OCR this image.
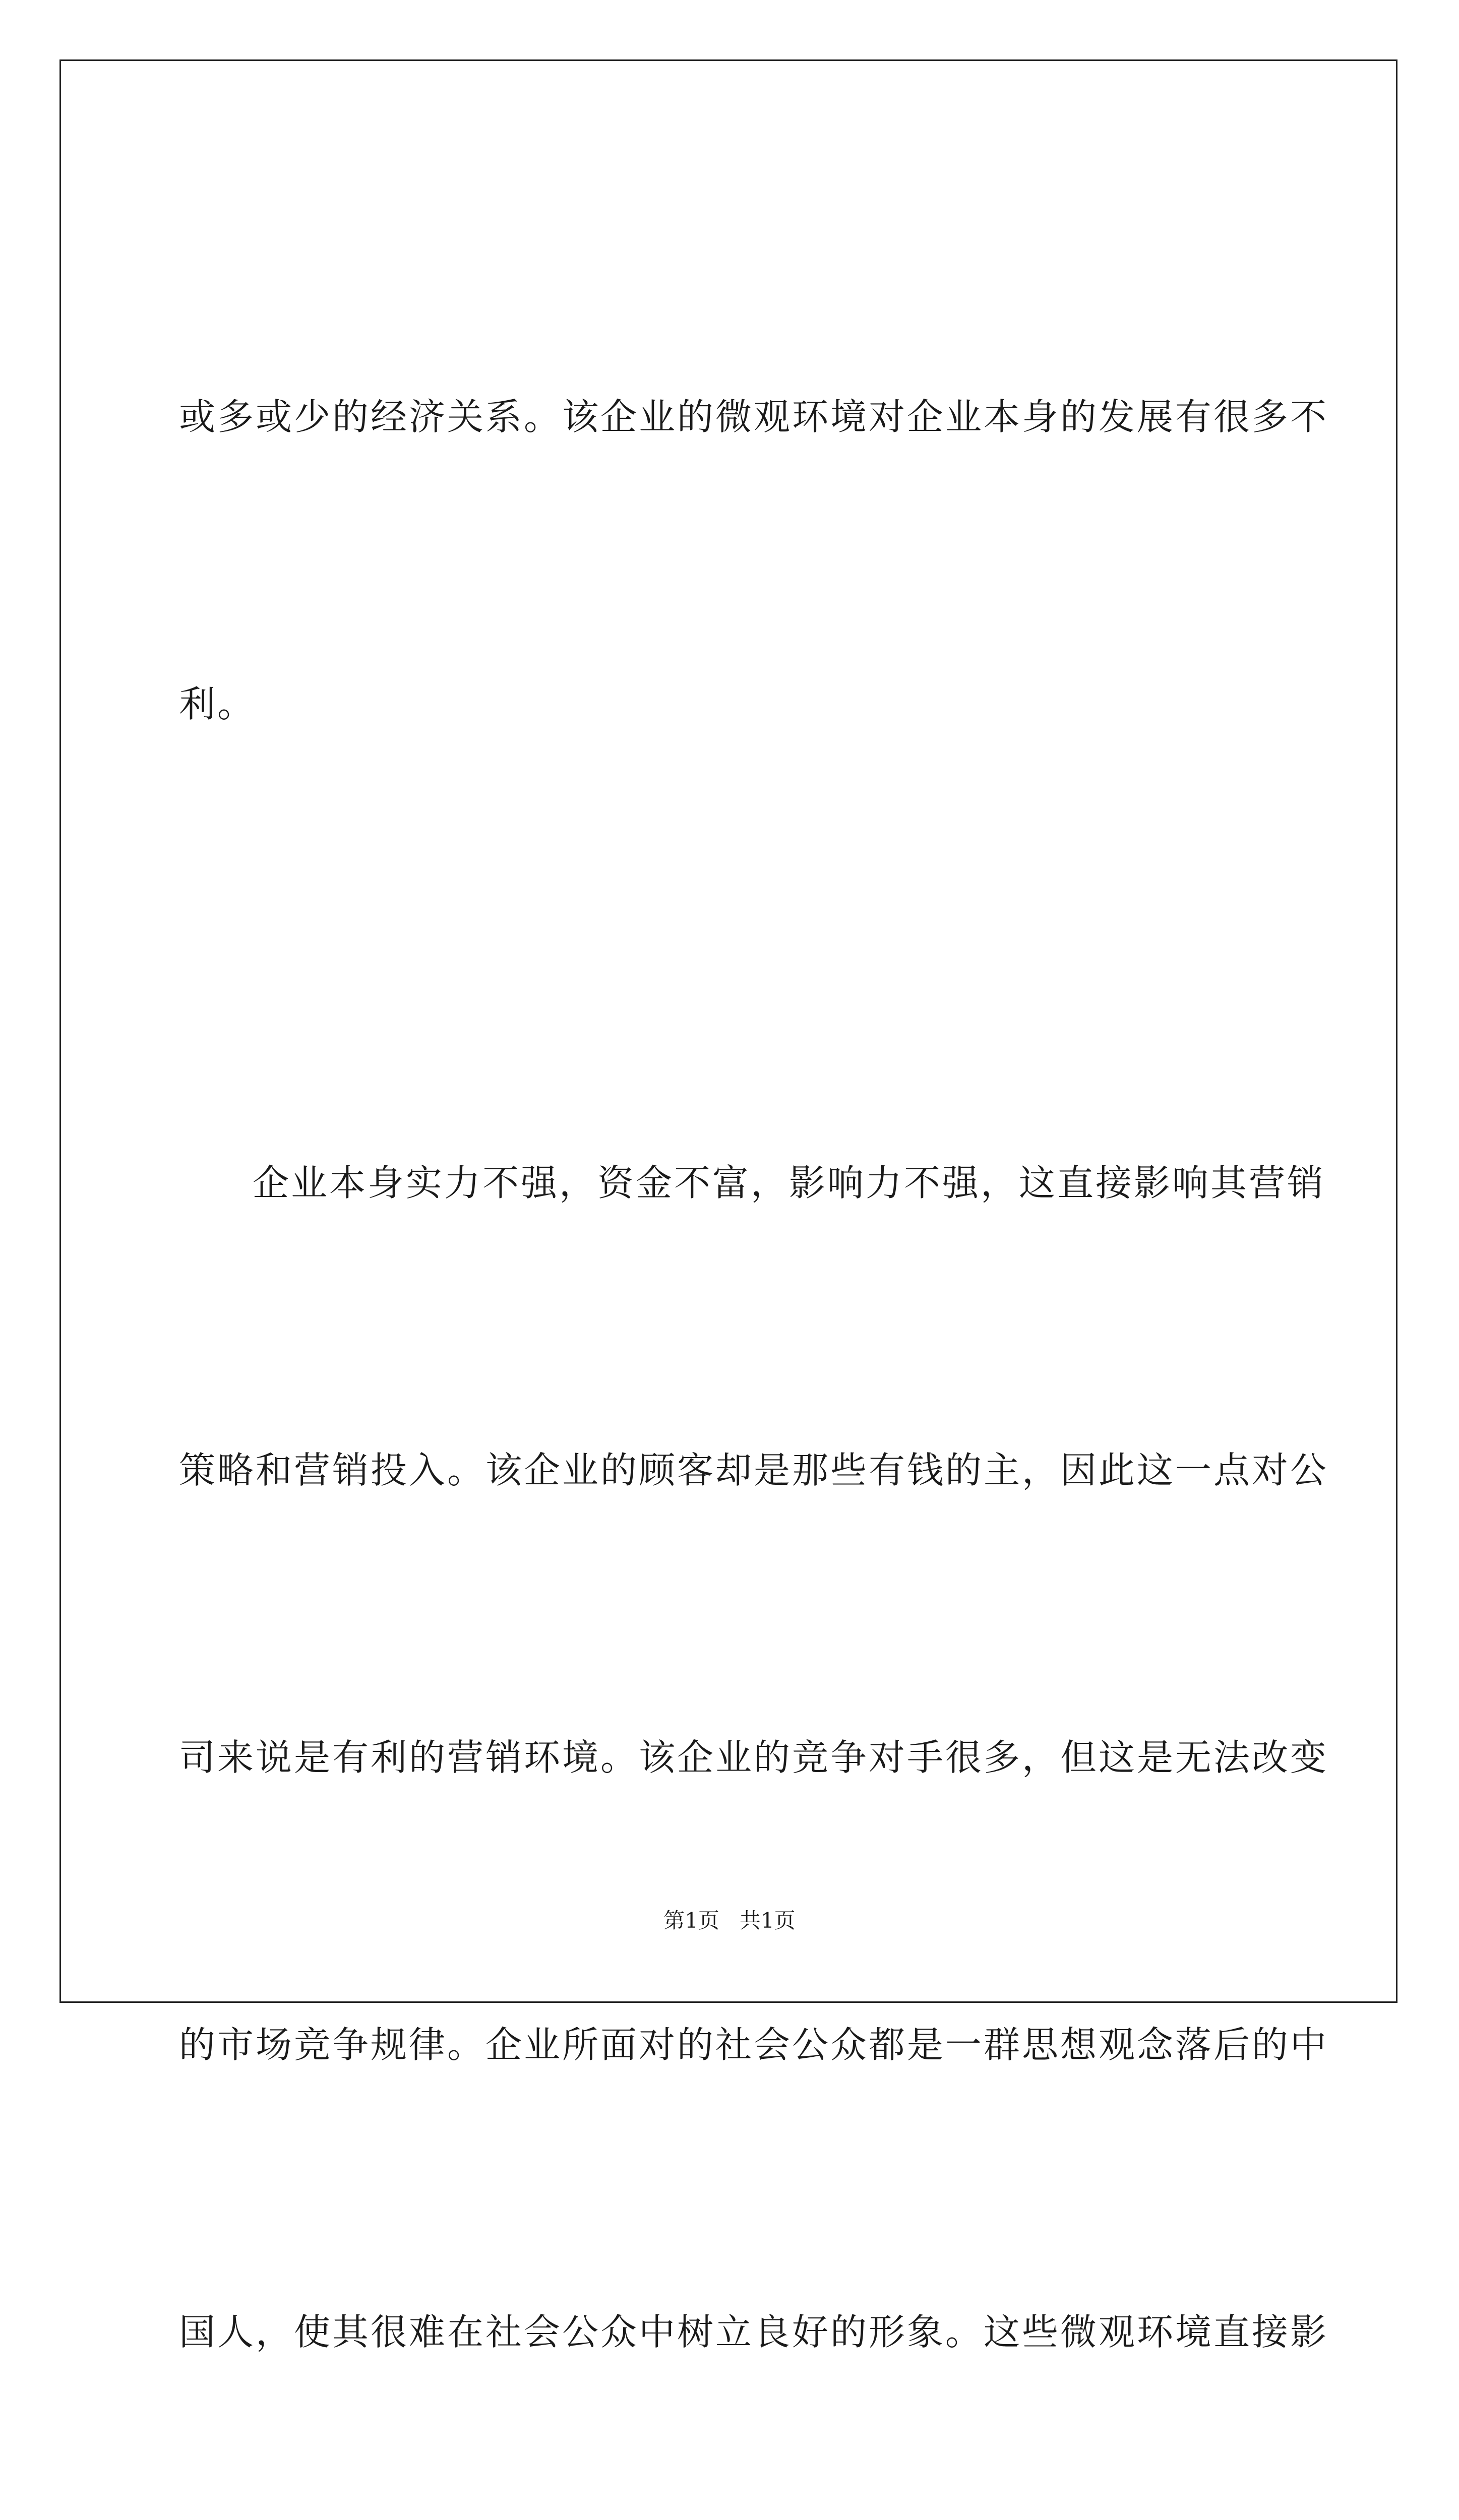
或多或少的经济关系。该企业的微观环境对企业本身的发展有很多不

利。

企业本身实力不强，资金不富，影响力不强，这直接影响其营销

策略和营销投入。该企业的顾客却是那些有钱的主，因此这一点对公

司来说是有利的营销环境。该企业的竞争对手很多，但这是无法改变

的市场竞争规律。企业所面对的社会公众都是一群思想观念落后的中

国人，使其很难在社会公众中树立良好的形象。这些微观环境直接影

第1页   共1页
